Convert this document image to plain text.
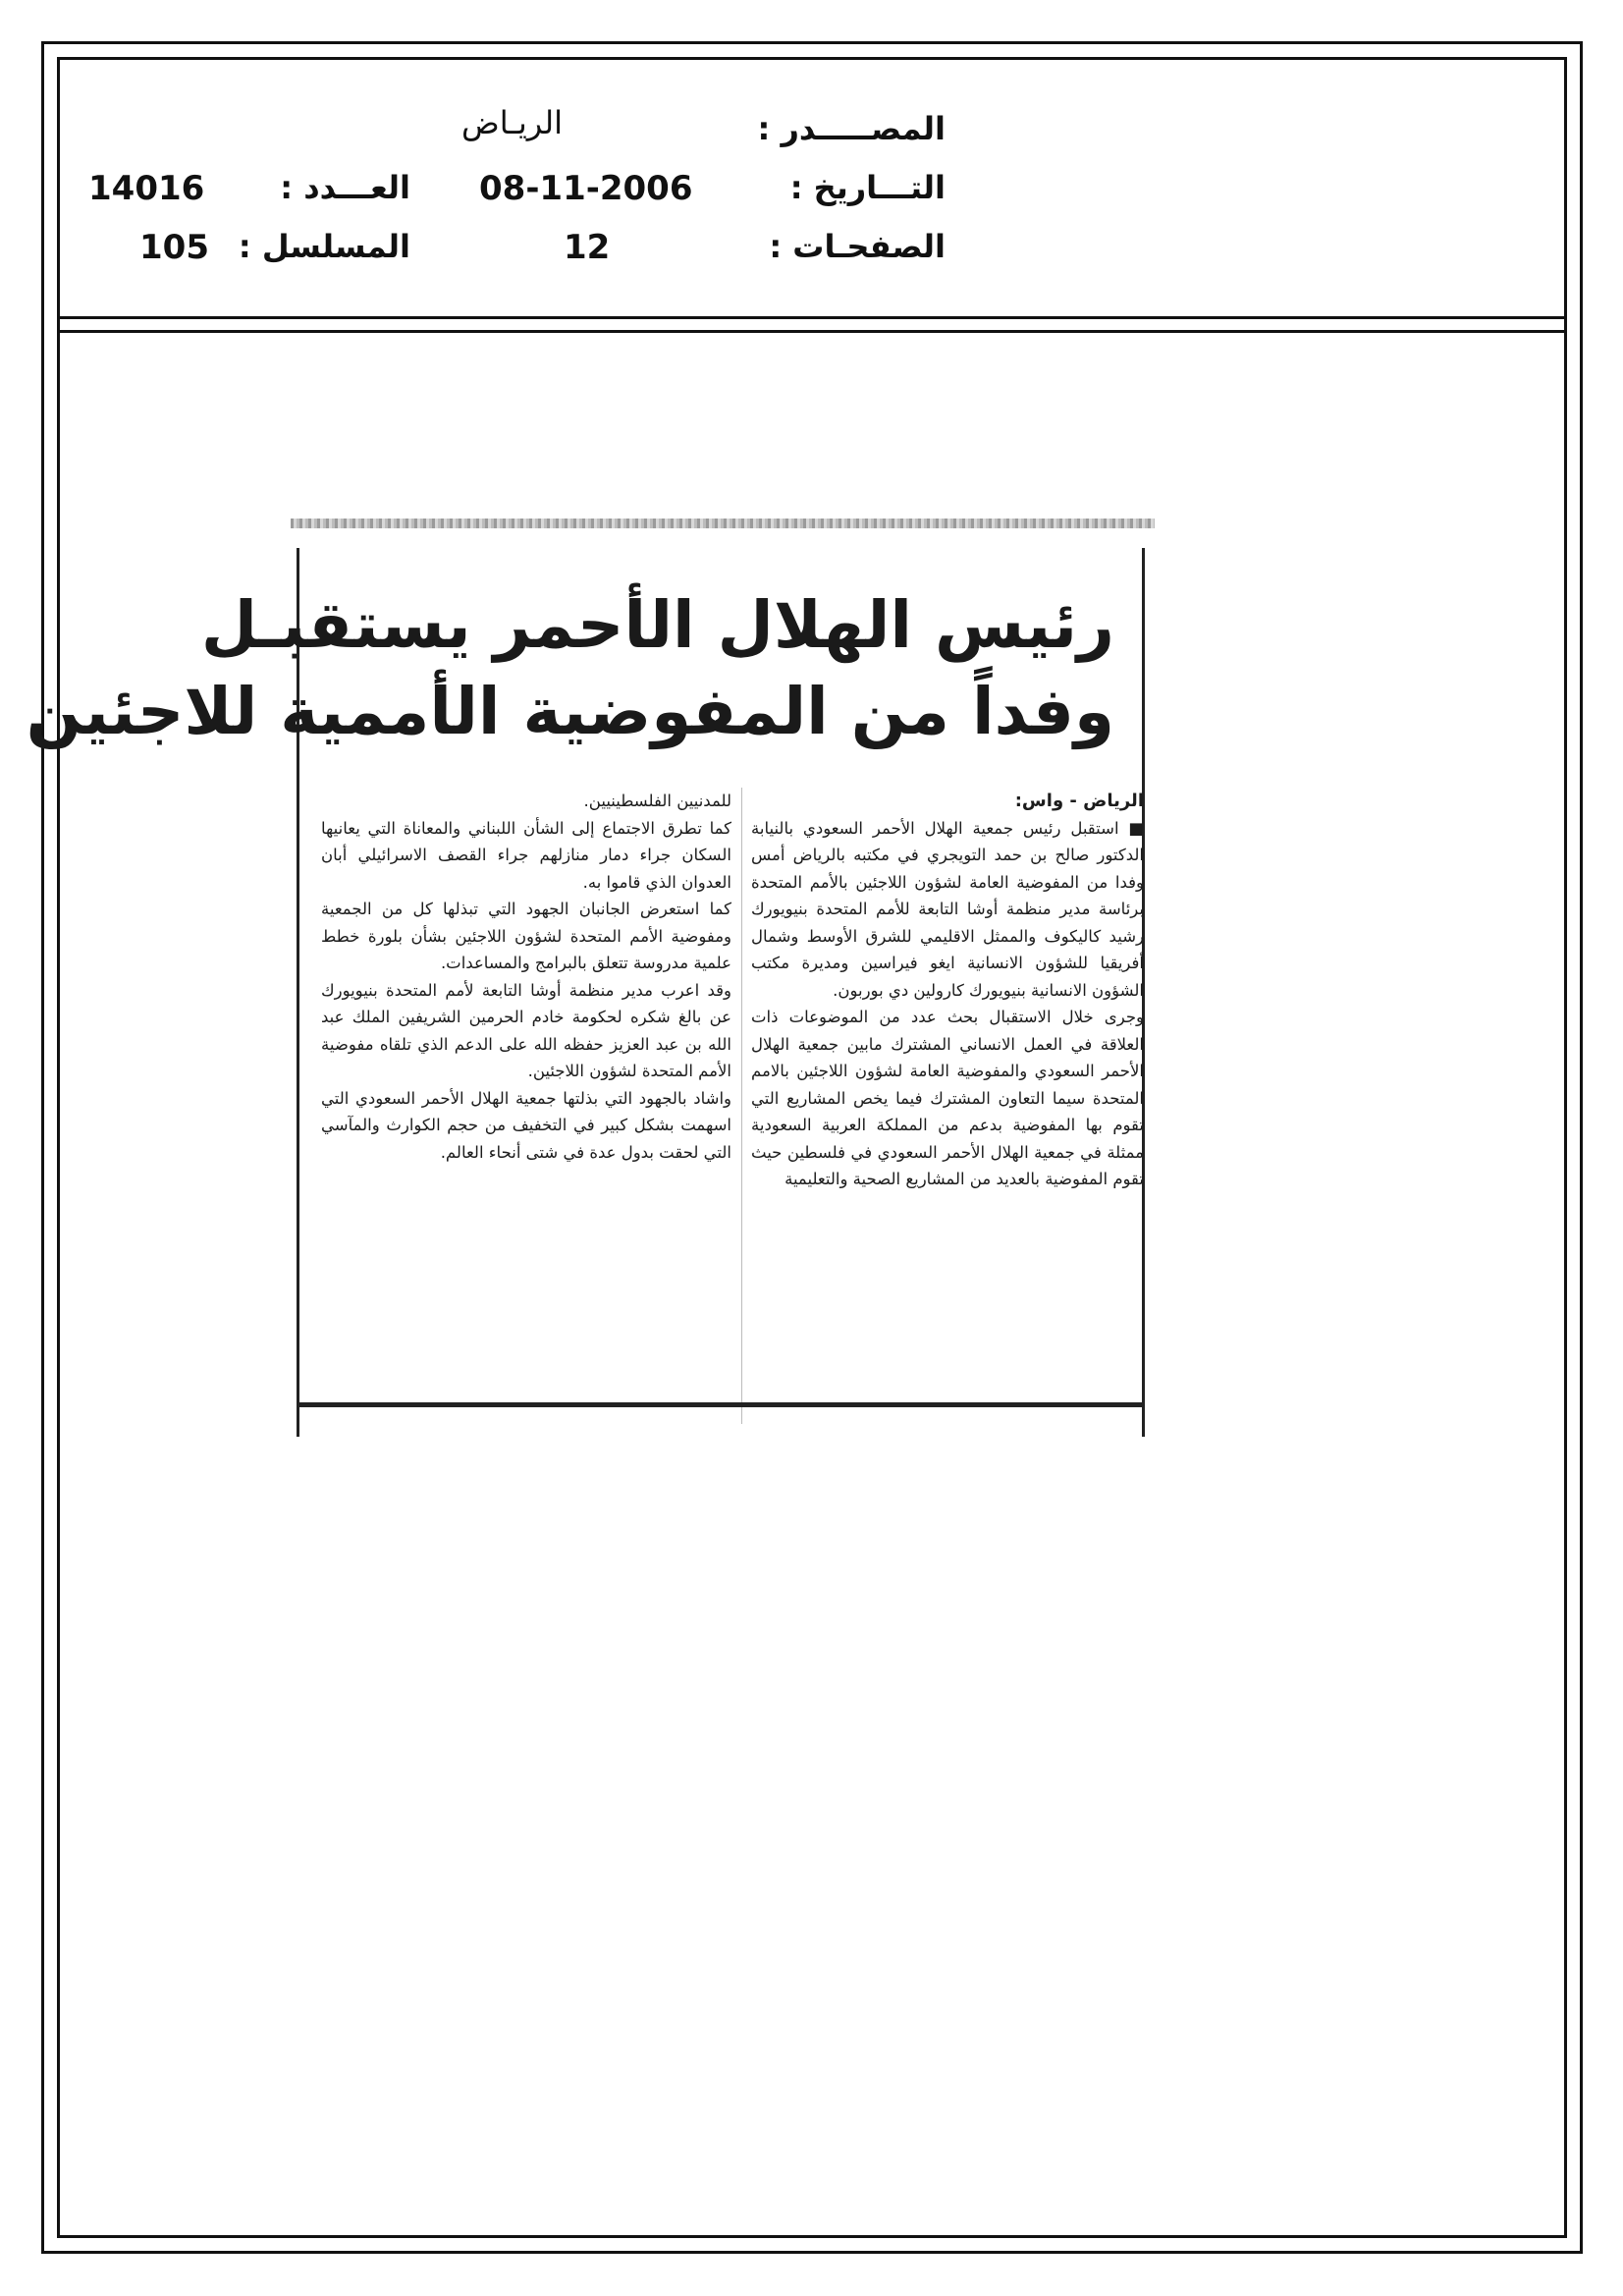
المصـــــدر :
الريـاض
التـــاريخ :
08-11-2006
العـــدد :
14016
الصفحـات :
12
المسلسل :
105
رئيس الهلال الأحمر يستقبـل
وفداً من المفوضية الأممية للاجئين

الرياض - واس:

■ استقبل رئيس جمعية الهلال الأحمر السعودي بالنيابة الدكتور صالح بن حمد التويجري في مكتبه بالرياض أمس وفدا من المفوضية العامة لشؤون اللاجئين بالأمم المتحدة برئاسة مدير منظمة أوشا التابعة للأمم المتحدة بنيويورك رشيد كاليكوف والممثل الاقليمي للشرق الأوسط وشمال أفريقيا للشؤون الانسانية ايغو فيراسين ومديرة مكتب الشؤون الانسانية بنيويورك كارولين دي بوربون.

وجرى خلال الاستقبال بحث عدد من الموضوعات ذات العلاقة في العمل الانساني المشترك مابين جمعية الهلال الأحمر السعودي والمفوضية العامة لشؤون اللاجئين بالامم المتحدة سيما التعاون المشترك فيما يخص المشاريع التي تقوم بها المفوضية بدعم من المملكة العربية السعودية ممثلة في جمعية الهلال الأحمر السعودي في فلسطين حيث تقوم المفوضية بالعديد من المشاريع الصحية والتعليمية

للمدنيين الفلسطينيين.

كما تطرق الاجتماع إلى الشأن اللبناني والمعاناة التي يعانيها السكان جراء دمار منازلهم جراء القصف الاسرائيلي أبان العدوان الذي قاموا به.

كما استعرض الجانبان الجهود التي تبذلها كل من الجمعية ومفوضية الأمم المتحدة لشؤون اللاجئين بشأن بلورة خطط علمية مدروسة تتعلق بالبرامج والمساعدات.

وقد اعرب مدير منظمة أوشا التابعة لأمم المتحدة بنيويورك عن بالغ شكره لحكومة خادم الحرمين الشريفين الملك عبد الله بن عبد العزيز حفظه الله على الدعم الذي تلقاه مفوضية الأمم المتحدة لشؤون اللاجئين.

واشاد بالجهود التي بذلتها جمعية الهلال الأحمر السعودي التي اسهمت بشكل كبير في التخفيف من حجم الكوارث والمآسي التي لحقت بدول عدة في شتى أنحاء العالم.
